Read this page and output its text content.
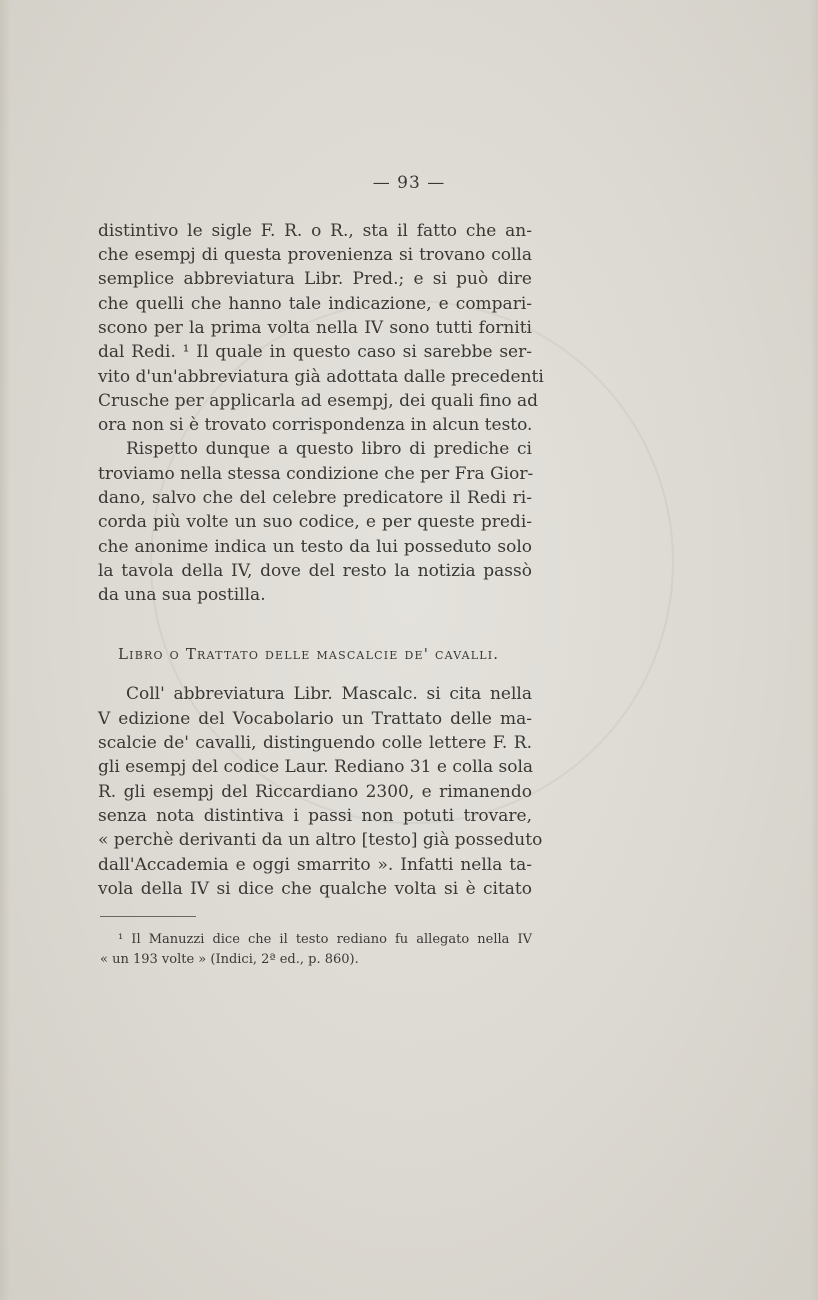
— 93 —
distintivo le sigle F. R. o R., sta il fatto che an-
che esempj di questa provenienza si trovano colla
semplice abbreviatura Libr. Pred.; e si può dire
che quelli che hanno tale indicazione, e compari-
scono per la prima volta nella IV sono tutti forniti
dal Redi. ¹ Il quale in questo caso si sarebbe ser-
vito d'un'abbreviatura già adottata dalle precedenti
Crusche per applicarla ad esempj, dei quali fino ad
ora non si è trovato corrispondenza in alcun testo.
Rispetto dunque a questo libro di prediche ci
troviamo nella stessa condizione che per Fra Gior-
dano, salvo che del celebre predicatore il Redi ri-
corda più volte un suo codice, e per queste predi-
che anonime indica un testo da lui posseduto solo
la tavola della IV, dove del resto la notizia passò
da una sua postilla.
Libro o Trattato delle mascalcie de' cavalli.
Coll' abbreviatura Libr. Mascalc. si cita nella
V edizione del Vocabolario un Trattato delle ma-
scalcie de' cavalli, distinguendo colle lettere F. R.
gli esempj del codice Laur. Rediano 31 e colla sola
R. gli esempj del Riccardiano 2300, e rimanendo
senza nota distintiva i passi non potuti trovare,
« perchè derivanti da un altro [testo] già posseduto
dall'Accademia e oggi smarrito ». Infatti nella ta-
vola della IV si dice che qualche volta si è citato
¹ Il Manuzzi dice che il testo rediano fu allegato nella IV
« un 193 volte » (Indici, 2ª ed., p. 860).
